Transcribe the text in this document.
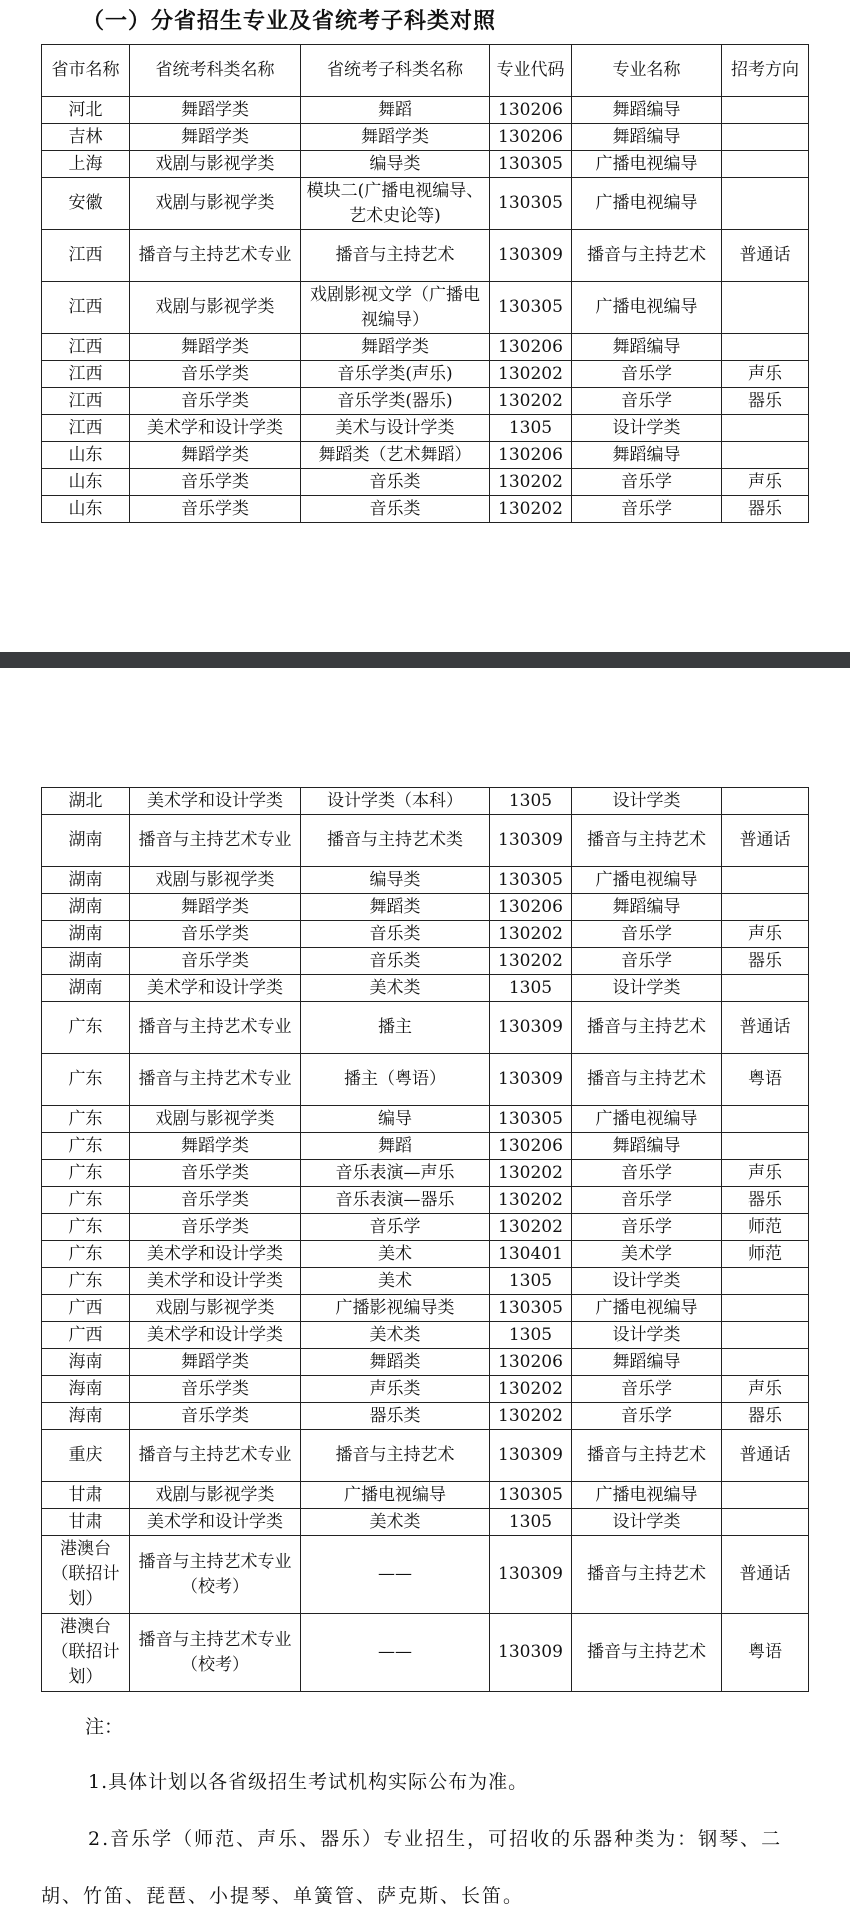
（一）分省招生专业及省统考子科类对照
省市名称	省统考科类名称	省统考子科类名称	专业代码	专业名称	招考方向
河北	舞蹈学类	舞蹈	130206	舞蹈编导	
吉林	舞蹈学类	舞蹈学类	130206	舞蹈编导	
上海	戏剧与影视学类	编导类	130305	广播电视编导	
安徽	戏剧与影视学类	模块二(广播电视编导、艺术史论等)	130305	广播电视编导	
江西	播音与主持艺术专业	播音与主持艺术	130309	播音与主持艺术	普通话
江西	戏剧与影视学类	戏剧影视文学（广播电视编导）	130305	广播电视编导	
江西	舞蹈学类	舞蹈学类	130206	舞蹈编导	
江西	音乐学类	音乐学类(声乐)	130202	音乐学	声乐
江西	音乐学类	音乐学类(器乐)	130202	音乐学	器乐
江西	美术学和设计学类	美术与设计学类	1305	设计学类	
山东	舞蹈学类	舞蹈类（艺术舞蹈）	130206	舞蹈编导	
山东	音乐学类	音乐类	130202	音乐学	声乐
山东	音乐学类	音乐类	130202	音乐学	器乐
湖北	美术学和设计学类	设计学类（本科）	1305	设计学类	
湖南	播音与主持艺术专业	播音与主持艺术类	130309	播音与主持艺术	普通话
湖南	戏剧与影视学类	编导类	130305	广播电视编导	
湖南	舞蹈学类	舞蹈类	130206	舞蹈编导	
湖南	音乐学类	音乐类	130202	音乐学	声乐
湖南	音乐学类	音乐类	130202	音乐学	器乐
湖南	美术学和设计学类	美术类	1305	设计学类	
广东	播音与主持艺术专业	播主	130309	播音与主持艺术	普通话
广东	播音与主持艺术专业	播主（粤语）	130309	播音与主持艺术	粤语
广东	戏剧与影视学类	编导	130305	广播电视编导	
广东	舞蹈学类	舞蹈	130206	舞蹈编导	
广东	音乐学类	音乐表演—声乐	130202	音乐学	声乐
广东	音乐学类	音乐表演—器乐	130202	音乐学	器乐
广东	音乐学类	音乐学	130202	音乐学	师范
广东	美术学和设计学类	美术	130401	美术学	师范
广东	美术学和设计学类	美术	1305	设计学类	
广西	戏剧与影视学类	广播影视编导类	130305	广播电视编导	
广西	美术学和设计学类	美术类	1305	设计学类	
海南	舞蹈学类	舞蹈类	130206	舞蹈编导	
海南	音乐学类	声乐类	130202	音乐学	声乐
海南	音乐学类	器乐类	130202	音乐学	器乐
重庆	播音与主持艺术专业	播音与主持艺术	130309	播音与主持艺术	普通话
甘肃	戏剧与影视学类	广播电视编导	130305	广播电视编导	
甘肃	美术学和设计学类	美术类	1305	设计学类	
港澳台（联招计划）	播音与主持艺术专业（校考）	——	130309	播音与主持艺术	普通话
港澳台（联招计划）	播音与主持艺术专业（校考）	——	130309	播音与主持艺术	粤语
注：
1.具体计划以各省级招生考试机构实际公布为准。
2.音乐学（师范、声乐、器乐）专业招生，可招收的乐器种类为：钢琴、二
胡、竹笛、琵琶、小提琴、单簧管、萨克斯、长笛。
